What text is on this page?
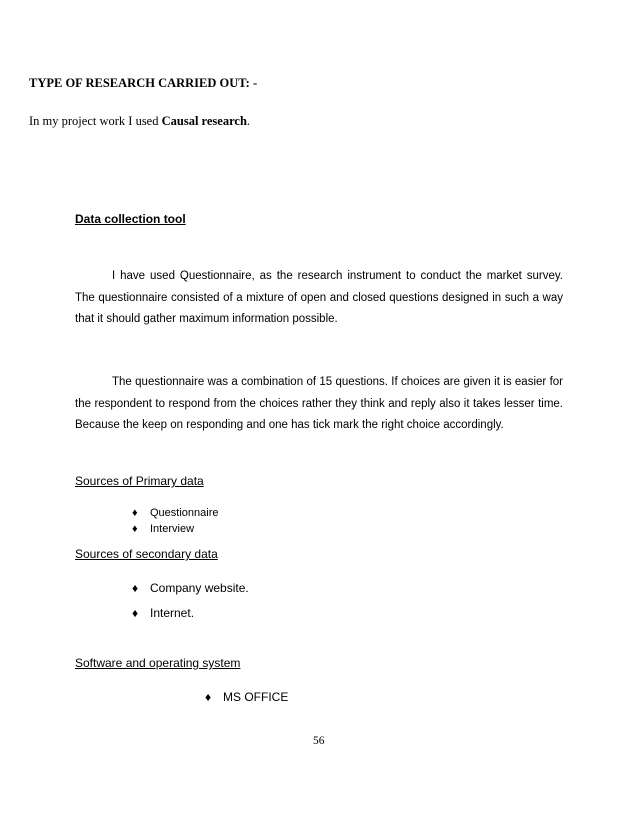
TYPE OF RESEARCH CARRIED OUT: -
In my project work I used Causal research.
Data collection tool

I have used Questionnaire, as the research instrument to conduct the market survey. The questionnaire consisted of a mixture of open and closed questions designed in such a way that it should gather maximum information possible.

The questionnaire was a combination of 15 questions. If choices are given it is easier for the respondent to respond from the choices rather they think and reply also it takes lesser time. Because the keep on responding and one has tick mark the right choice accordingly.

Sources of Primary data
♦ Questionnaire
♦ Interview
Sources of secondary data
♦ Company website.
♦ Internet.
Software and operating system
♦ MS OFFICE
56
